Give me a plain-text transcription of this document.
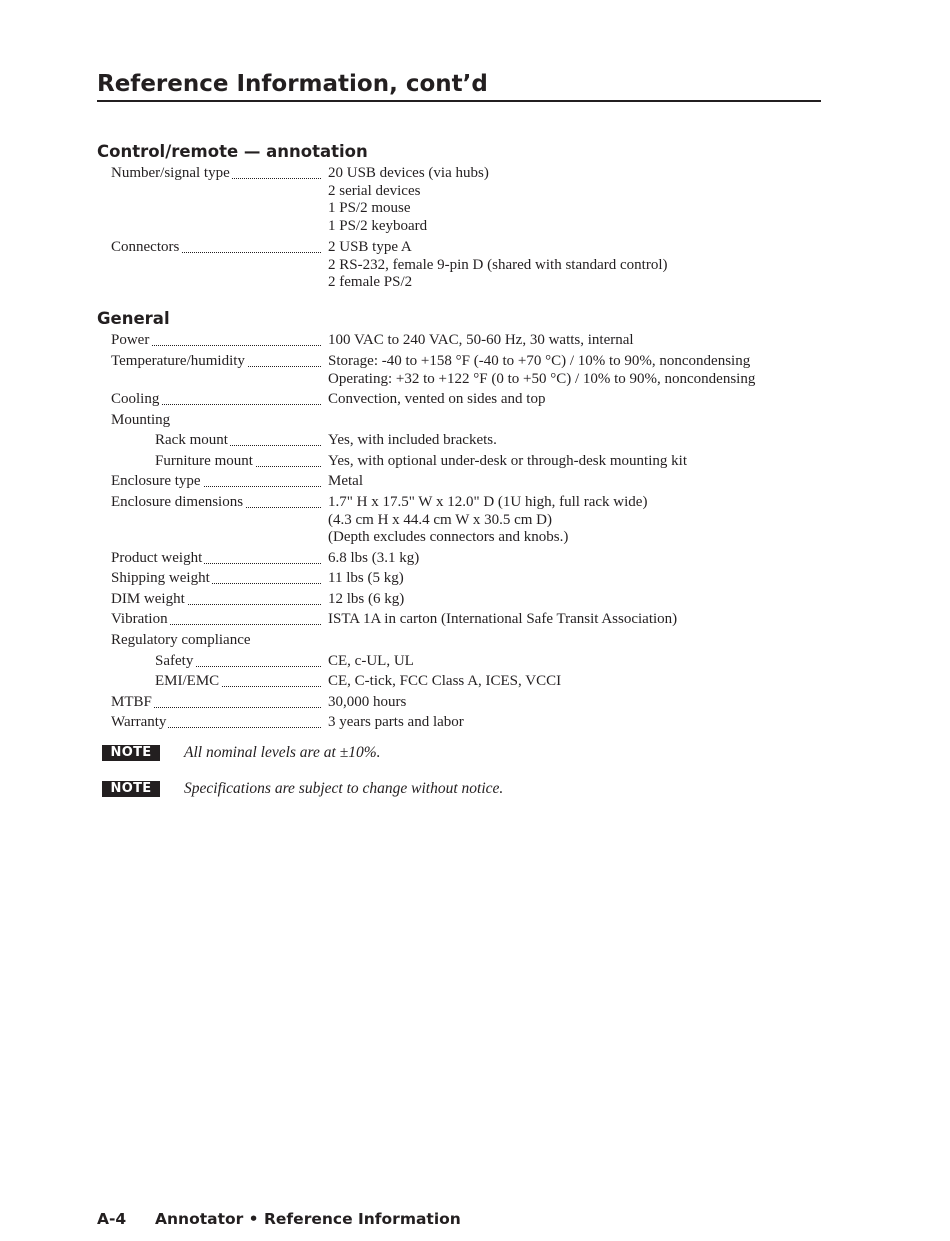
Reference Information, cont’d
Control/remote — annotation
Number/signal type	20 USB devices (via hubs)
2 serial devices
1 PS/2 mouse
1 PS/2 keyboard
Connectors	2 USB type A
2 RS-232, female 9-pin D (shared with standard control)
2 female PS/2
General
Power	100 VAC to 240 VAC, 50-60 Hz, 30 watts, internal
Temperature/humidity	Storage: -40 to +158 °F (-40 to +70 °C) / 10% to 90%, noncondensing
Operating: +32 to +122 °F (0 to +50 °C) / 10% to 90%, noncondensing
Cooling	Convection, vented on sides and top
Mounting
Rack mount	Yes, with included brackets.
Furniture mount	Yes, with optional under-desk or through-desk mounting kit
Enclosure type	Metal
Enclosure dimensions	1.7" H x 17.5" W x 12.0" D (1U high, full rack wide)
(4.3 cm H x 44.4 cm W x 30.5 cm D)
(Depth excludes connectors and knobs.)
Product weight	6.8 lbs (3.1 kg)
Shipping weight	11 lbs (5 kg)
DIM weight	12 lbs (6 kg)
Vibration	ISTA 1A in carton (International Safe Transit Association)
Regulatory compliance
Safety	CE, c-UL, UL
EMI/EMC	CE, C-tick, FCC Class A, ICES, VCCI
MTBF	30,000 hours
Warranty	3 years parts and labor
NOTE	All nominal levels are at ±10%.
NOTE	Specifications are subject to change without notice.
A-4 Annotator • Reference Information
